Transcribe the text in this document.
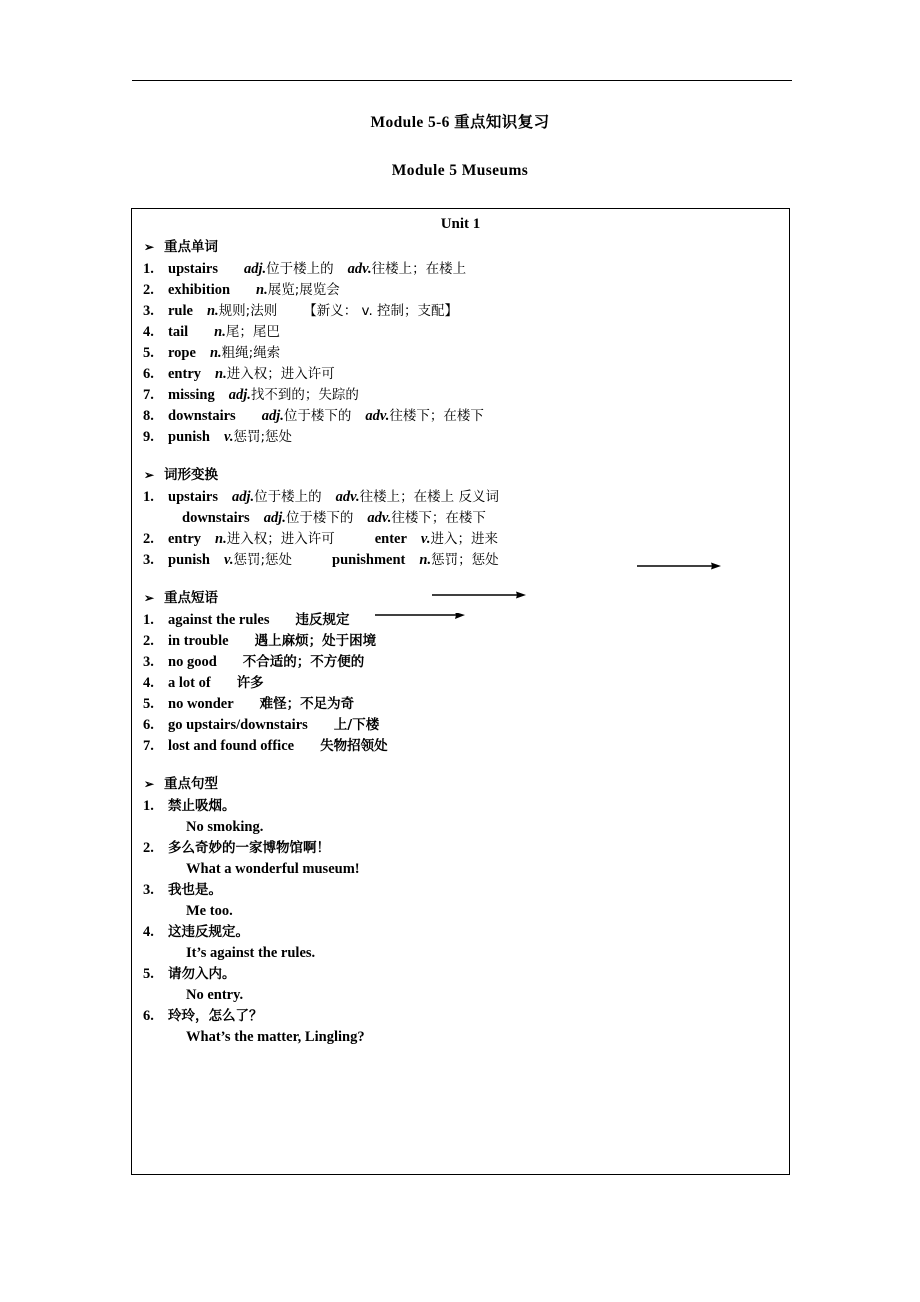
Module 5-6 重点知识复习
Module 5 Museums
Unit 1
➢ 重点单词
1. upstairs adj.位于楼上的 adv.往楼上；在楼上
2. exhibition n.展览;展览会
3. rule n.规则;法则 【新义： v. 控制；支配】
4. tail n.尾；尾巴
5. rope n.粗绳;绳索
6. entry n.进入权；进入许可
7. missing adj.找不到的；失踪的
8. downstairs adj.位于楼下的 adv.往楼下；在楼下
9. punish v.惩罚;惩处
➢ 词形变换
1. upstairs adj.位于楼上的 adv.往楼上；在楼上 反义词
downstairs adj.位于楼下的 adv.往楼下；在楼下
2. entry n.进入权；进入许可	enter v.进入；进来
3. punish v.惩罚;惩处	punishment n.惩罚；惩处
➢ 重点短语
1. against the rules 违反规定
2. in trouble 遇上麻烦；处于困境
3. no good 不合适的；不方便的
4. a lot of 许多
5. no wonder 难怪；不足为奇
6. go upstairs/downstairs 上/下楼
7. lost and found office 失物招领处
➢ 重点句型
1. 禁止吸烟。
No smoking.
2. 多么奇妙的一家博物馆啊！
What a wonderful museum!
3. 我也是。
Me too.
4. 这违反规定。
It’s against the rules.
5. 请勿入内。
No entry.
6. 玲玲，怎么了？
What’s the matter, Lingling?
